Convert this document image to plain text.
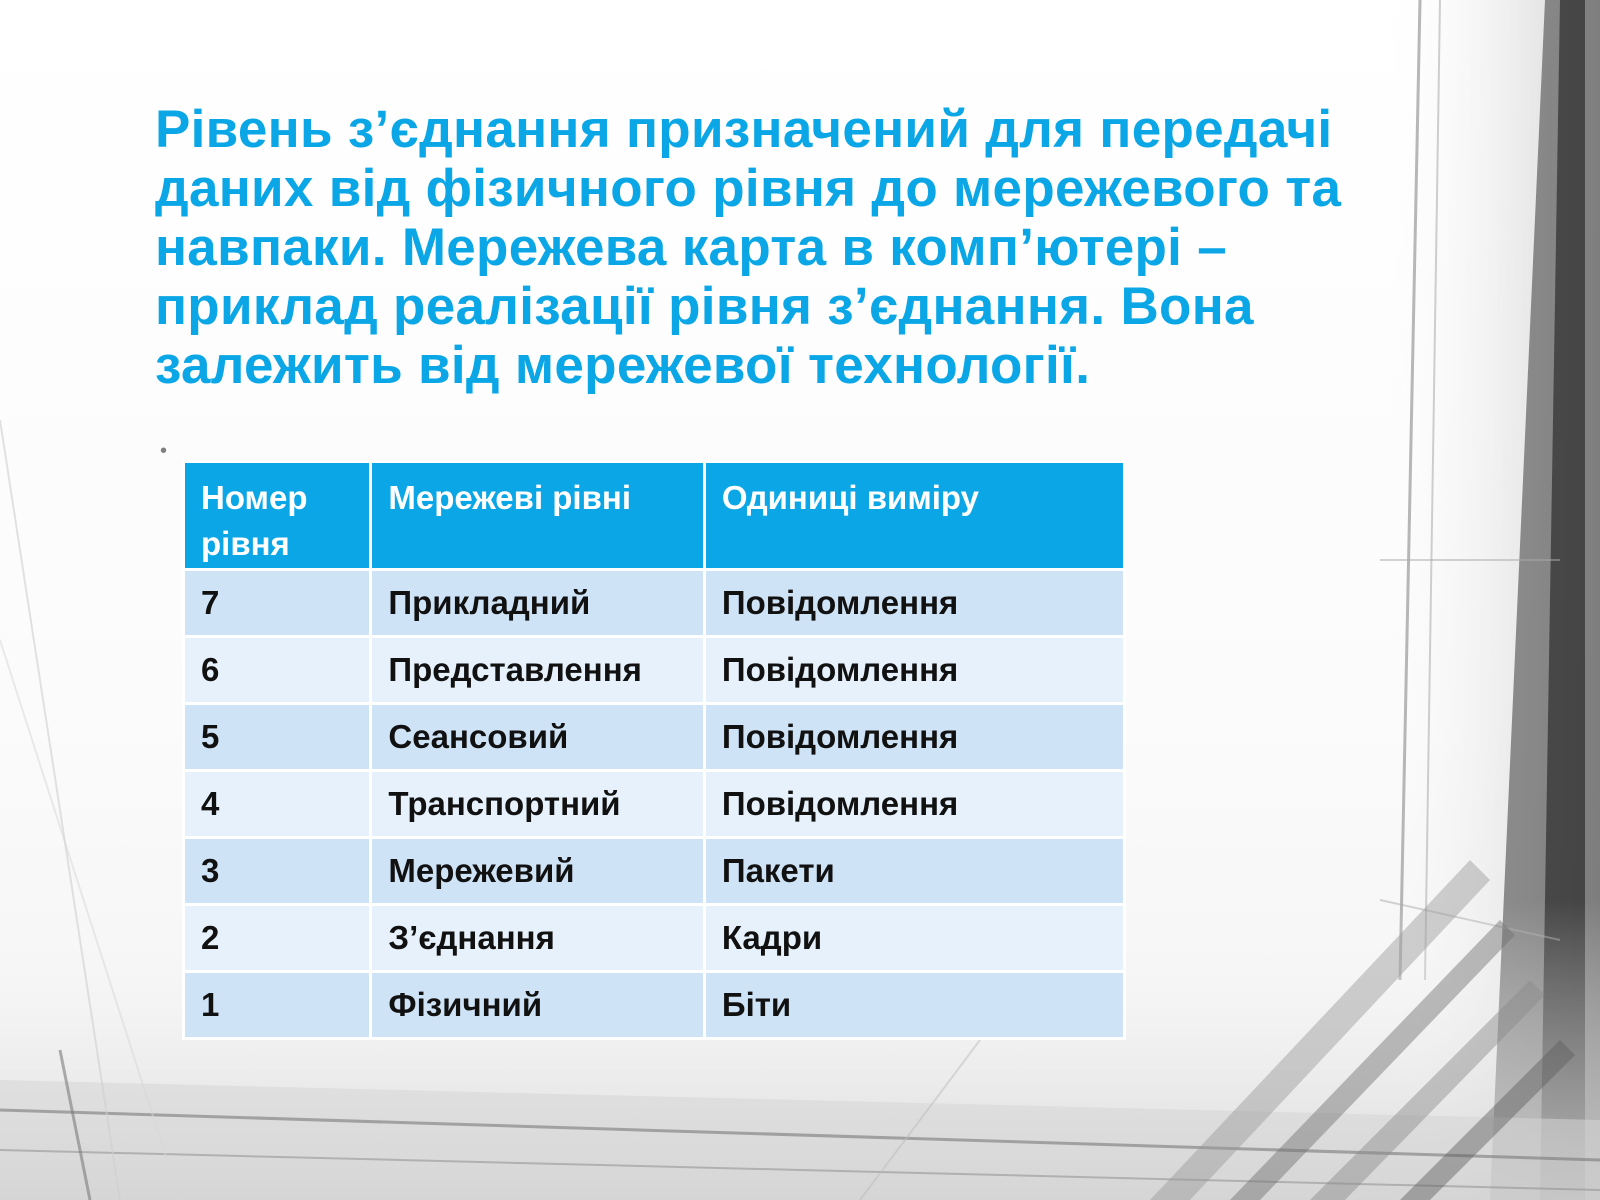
Рівень з’єднання призначений для передачі даних від фізичного рівня до мережевого та навпаки. Мережева карта в комп’ютері – приклад реалізації рівня з’єднання. Вона залежить від мережевої технології.
•
Номер рівня	Мережеві рівні	Одиниці виміру
7	Прикладний	Повідомлення
6	Представлення	Повідомлення
5	Сеансовий	Повідомлення
4	Транспортний	Повідомлення
3	Мережевий	Пакети
2	З’єднання	Кадри
1	Фізичний	Біти
